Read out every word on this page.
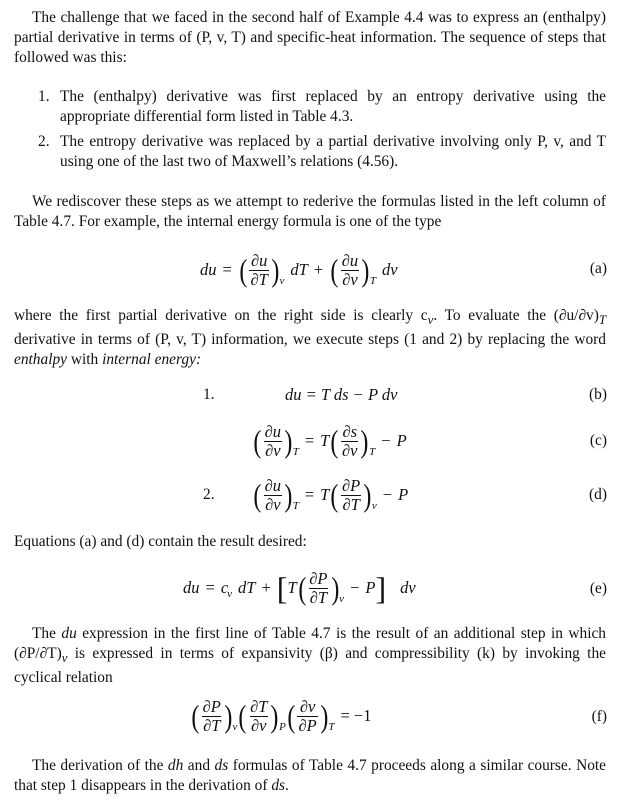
The challenge that we faced in the second half of Example 4.4 was to express an (enthalpy) partial derivative in terms of (P, v, T) and specific-heat information. The sequence of steps that followed was this:

1. The (enthalpy) derivative was first replaced by an entropy derivative using the appropriate differential form listed in Table 4.3.
2. The entropy derivative was replaced by a partial derivative involving only P, v, and T using one of the last two of Maxwell’s relations (4.56).

We rediscover these steps as we attempt to rederive the formulas listed in the left column of Table 4.7. For example, the internal energy formula is one of the type

du = ( $\frac{\partial u}{\partial T}$ ) v
dT + ( $\frac{\partial u}{\partial v}$ ) T
dv	(a)

where the first partial derivative on the right side is clearly $c_v$. To evaluate the $(\partial u/\partial v)_T$ derivative in terms of (P, v, T) information, we execute steps (1 and 2) by replacing the word enthalpy with internal energy:

1.	du = T ds − P dv	(b)
( $\frac{\partial u}{\partial v}$ ) T
= T ( $\frac{\partial s}{\partial v}$ ) T
− P	(c)
2. ( $\frac{\partial u}{\partial v}$ ) T
= T ( $\frac{\partial P}{\partial T}$ ) v
− P	(d)

Equations (a) and (d) contain the result desired:

du = c v dT + [ T ( $\frac{\partial P}{\partial T}$ ) v
− P ] dv	(e)

The du expression in the first line of Table 4.7 is the result of an additional step in which $(\partial P/\partial T)_v$ is expressed in terms of expansivity (β) and compressibility (k) by invoking the cyclical relation

( $\frac{\partial P}{\partial T}$ ) v ( $\frac{\partial T}{\partial v}$ ) P ( $\frac{\partial v}{\partial P}$ ) T
= −1	(f)

The derivation of the dh and ds formulas of Table 4.7 proceeds along a similar course. Note that step 1 disappears in the derivation of ds.
